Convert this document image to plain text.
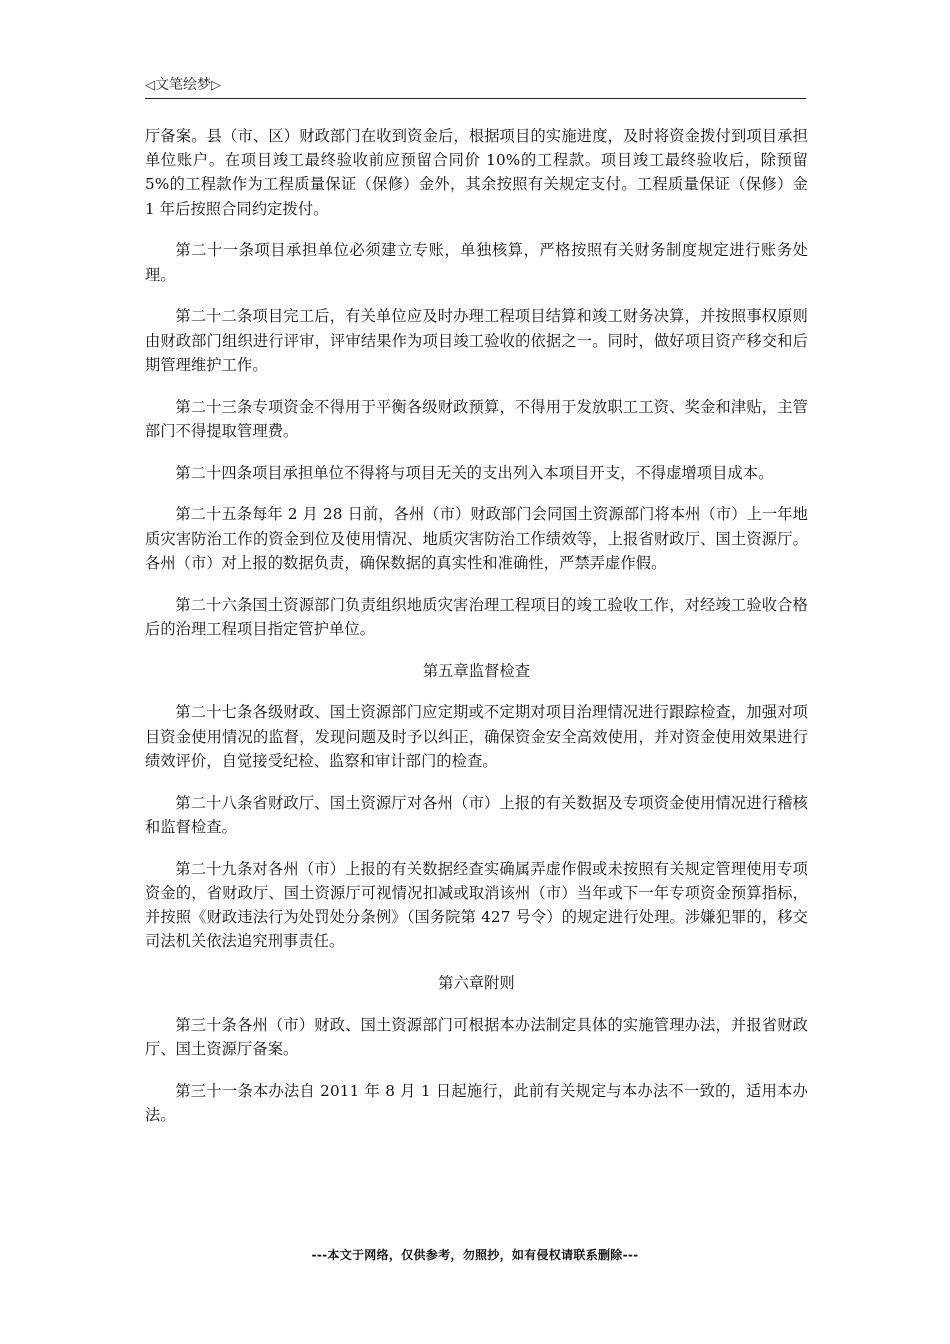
◁文笔绘梦▷

厅备案。县（市、区）财政部门在收到资金后，根据项目的实施进度，及时将资金拨付到项目承担单位账户。在项目竣工最终验收前应预留合同价 10%的工程款。项目竣工最终验收后，除预留 5%的工程款作为工程质量保证（保修）金外，其余按照有关规定支付。工程质量保证（保修）金 1 年后按照合同约定拨付。

第二十一条项目承担单位必须建立专账，单独核算，严格按照有关财务制度规定进行账务处理。

第二十二条项目完工后，有关单位应及时办理工程项目结算和竣工财务决算，并按照事权原则由财政部门组织进行评审，评审结果作为项目竣工验收的依据之一。同时，做好项目资产移交和后期管理维护工作。

第二十三条专项资金不得用于平衡各级财政预算，不得用于发放职工工资、奖金和津贴，主管部门不得提取管理费。

第二十四条项目承担单位不得将与项目无关的支出列入本项目开支，不得虚增项目成本。

第二十五条每年 2 月 28 日前，各州（市）财政部门会同国土资源部门将本州（市）上一年地质灾害防治工作的资金到位及使用情况、地质灾害防治工作绩效等，上报省财政厅、国土资源厅。各州（市）对上报的数据负责，确保数据的真实性和准确性，严禁弄虚作假。

第二十六条国土资源部门负责组织地质灾害治理工程项目的竣工验收工作，对经竣工验收合格后的治理工程项目指定管护单位。

第五章监督检查

第二十七条各级财政、国土资源部门应定期或不定期对项目治理情况进行跟踪检查，加强对项目资金使用情况的监督，发现问题及时予以纠正，确保资金安全高效使用，并对资金使用效果进行绩效评价，自觉接受纪检、监察和审计部门的检查。

第二十八条省财政厅、国土资源厅对各州（市）上报的有关数据及专项资金使用情况进行稽核和监督检查。

第二十九条对各州（市）上报的有关数据经查实确属弄虚作假或未按照有关规定管理使用专项资金的，省财政厅、国土资源厅可视情况扣减或取消该州（市）当年或下一年专项资金预算指标，并按照《财政违法行为处罚处分条例》（国务院第 427 号令）的规定进行处理。涉嫌犯罪的，移交司法机关依法追究刑事责任。

第六章附则

第三十条各州（市）财政、国土资源部门可根据本办法制定具体的实施管理办法，并报省财政厅、国土资源厅备案。

第三十一条本办法自 2011 年 8 月 1 日起施行，此前有关规定与本办法不一致的，适用本办法。

---本文于网络，仅供参考，勿照抄，如有侵权请联系删除---
